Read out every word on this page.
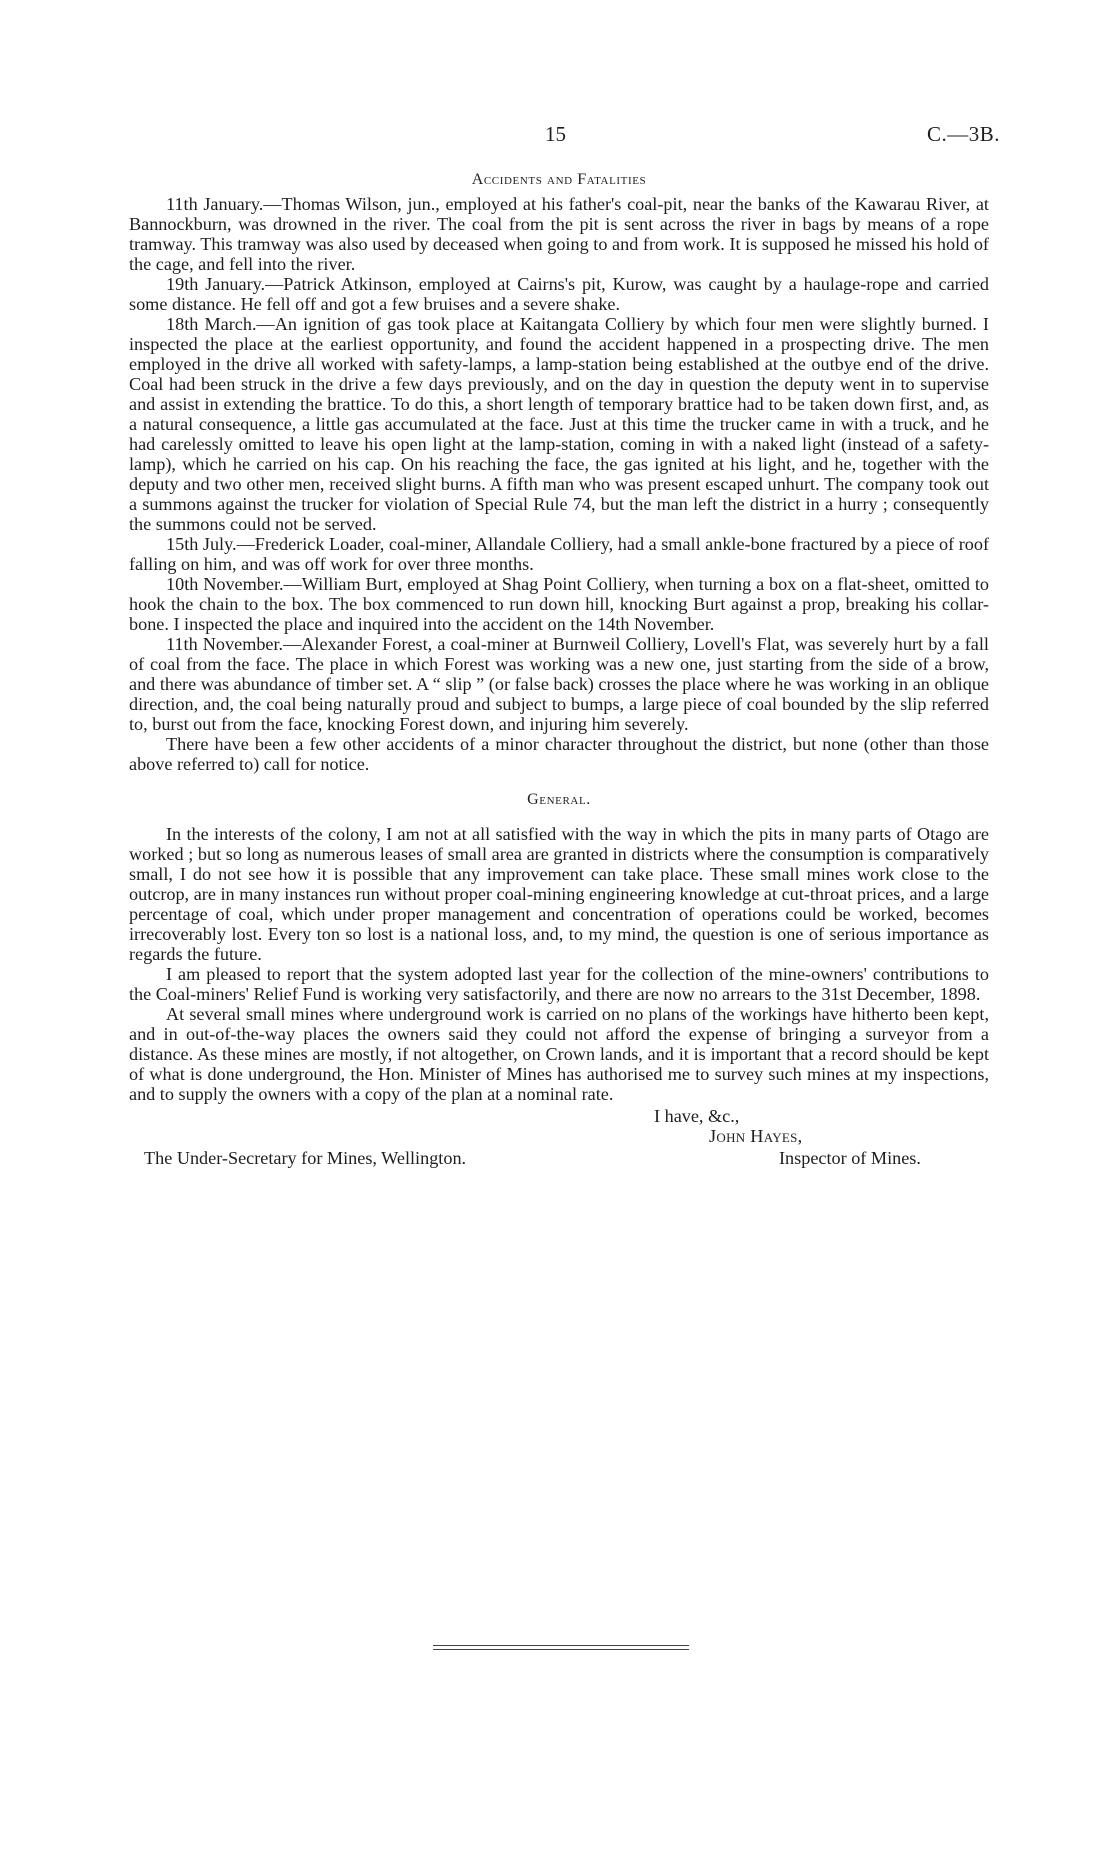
15	C.—3B.
Accidents and Fatalities

11th January.—Thomas Wilson, jun., employed at his father's coal-pit, near the banks of the Kawarau River, at Bannockburn, was drowned in the river. The coal from the pit is sent across the river in bags by means of a rope tramway. This tramway was also used by deceased when going to and from work. It is supposed he missed his hold of the cage, and fell into the river.

19th January.—Patrick Atkinson, employed at Cairns's pit, Kurow, was caught by a haulage-rope and carried some distance. He fell off and got a few bruises and a severe shake.

18th March.—An ignition of gas took place at Kaitangata Colliery by which four men were slightly burned. I inspected the place at the earliest opportunity, and found the accident happened in a prospecting drive. The men employed in the drive all worked with safety-lamps, a lamp-station being established at the outbye end of the drive. Coal had been struck in the drive a few days previously, and on the day in question the deputy went in to supervise and assist in extending the brattice. To do this, a short length of temporary brattice had to be taken down first, and, as a natural consequence, a little gas accumulated at the face. Just at this time the trucker came in with a truck, and he had carelessly omitted to leave his open light at the lamp-station, coming in with a naked light (instead of a safety-lamp), which he carried on his cap. On his reaching the face, the gas ignited at his light, and he, together with the deputy and two other men, received slight burns. A fifth man who was present escaped unhurt. The company took out a summons against the trucker for violation of Special Rule 74, but the man left the district in a hurry ; consequently the summons could not be served.

15th July.—Frederick Loader, coal-miner, Allandale Colliery, had a small ankle-bone fractured by a piece of roof falling on him, and was off work for over three months.

10th November.—William Burt, employed at Shag Point Colliery, when turning a box on a flat-sheet, omitted to hook the chain to the box. The box commenced to run down hill, knocking Burt against a prop, breaking his collar-bone. I inspected the place and inquired into the accident on the 14th November.

11th November.—Alexander Forest, a coal-miner at Burnweil Colliery, Lovell's Flat, was severely hurt by a fall of coal from the face. The place in which Forest was working was a new one, just starting from the side of a brow, and there was abundance of timber set. A “ slip ” (or false back) crosses the place where he was working in an oblique direction, and, the coal being naturally proud and subject to bumps, a large piece of coal bounded by the slip referred to, burst out from the face, knocking Forest down, and injuring him severely.

There have been a few other accidents of a minor character throughout the district, but none (other than those above referred to) call for notice.

General.

In the interests of the colony, I am not at all satisfied with the way in which the pits in many parts of Otago are worked ; but so long as numerous leases of small area are granted in districts where the consumption is comparatively small, I do not see how it is possible that any improvement can take place. These small mines work close to the outcrop, are in many instances run without proper coal-mining engineering knowledge at cut-throat prices, and a large percentage of coal, which under proper management and concentration of operations could be worked, becomes irrecoverably lost. Every ton so lost is a national loss, and, to my mind, the question is one of serious importance as regards the future.

I am pleased to report that the system adopted last year for the collection of the mine-owners' contributions to the Coal-miners' Relief Fund is working very satisfactorily, and there are now no arrears to the 31st December, 1898.

At several small mines where underground work is carried on no plans of the workings have hitherto been kept, and in out-of-the-way places the owners said they could not afford the expense of bringing a surveyor from a distance. As these mines are mostly, if not altogether, on Crown lands, and it is important that a record should be kept of what is done underground, the Hon. Minister of Mines has authorised me to survey such mines at my inspections, and to supply the owners with a copy of the plan at a nominal rate.

I have, &c.,
John Hayes,
The Under-Secretary for Mines, Wellington.	Inspector of Mines.
